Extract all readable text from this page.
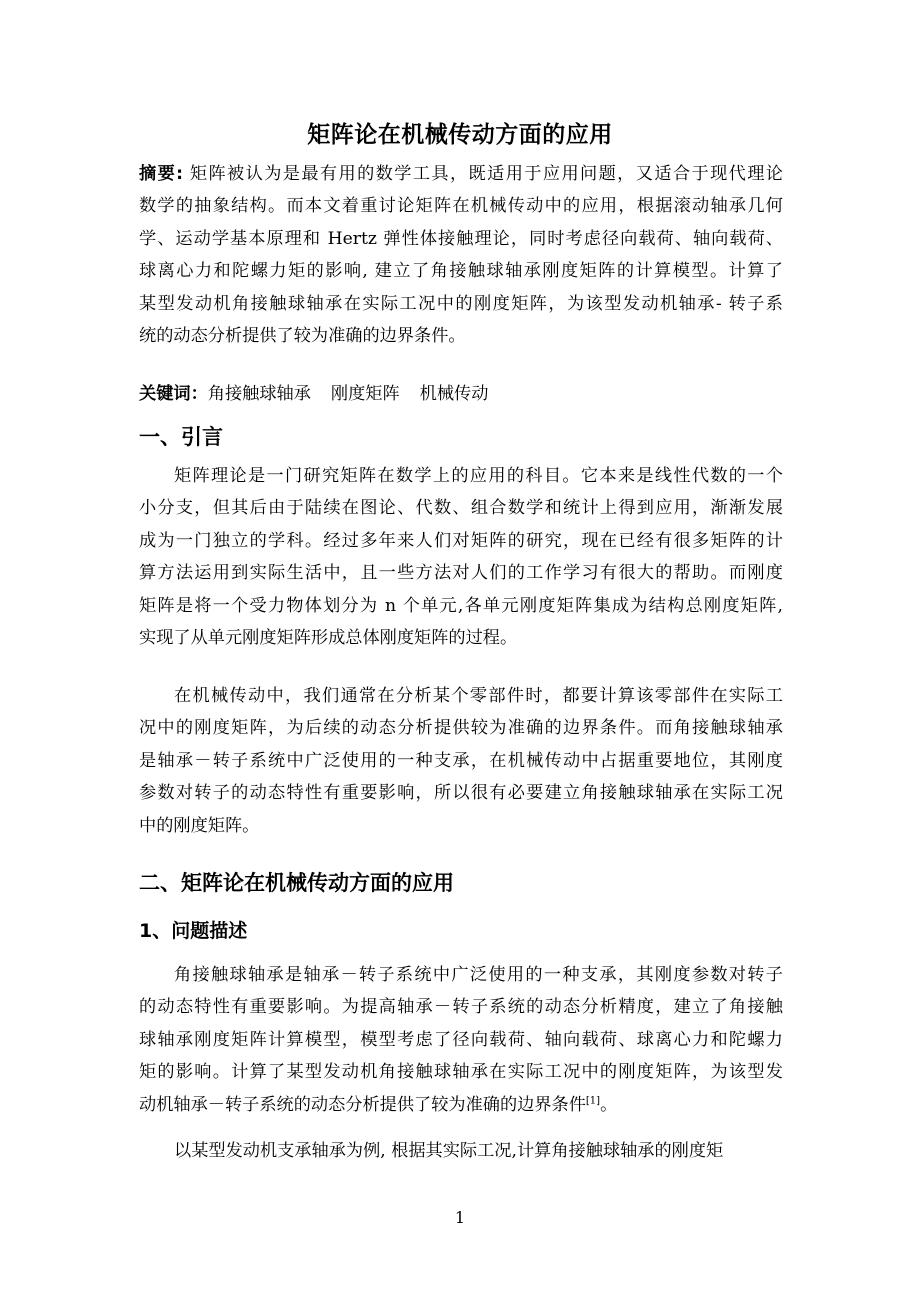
矩阵论在机械传动方面的应用
摘要: 矩阵被认为是最有用的数学工具，既适用于应用问题，又适合于现代理论
数学的抽象结构。而本文着重讨论矩阵在机械传动中的应用，根据滚动轴承几何
学、运动学基本原理和 Hertz 弹性体接触理论，同时考虑径向载荷、轴向载荷、
球离心力和陀螺力矩的影响, 建立了角接触球轴承刚度矩阵的计算模型。计算了
某型发动机角接触球轴承在实际工况中的刚度矩阵，为该型发动机轴承- 转子系
统的动态分析提供了较为准确的边界条件。
关键词：角接触球轴承 刚度矩阵 机械传动
一、引言
矩阵理论是一门研究矩阵在数学上的应用的科目。它本来是线性代数的一个
小分支，但其后由于陆续在图论、代数、组合数学和统计上得到应用，渐渐发展
成为一门独立的学科。经过多年来人们对矩阵的研究，现在已经有很多矩阵的计
算方法运用到实际生活中，且一些方法对人们的工作学习有很大的帮助。而刚度
矩阵是将一个受力物体划分为 n 个单元,各单元刚度矩阵集成为结构总刚度矩阵,
实现了从单元刚度矩阵形成总体刚度矩阵的过程。
在机械传动中，我们通常在分析某个零部件时，都要计算该零部件在实际工
况中的刚度矩阵，为后续的动态分析提供较为准确的边界条件。而角接触球轴承
是轴承－转子系统中广泛使用的一种支承，在机械传动中占据重要地位，其刚度
参数对转子的动态特性有重要影响，所以很有必要建立角接触球轴承在实际工况
中的刚度矩阵。
二、矩阵论在机械传动方面的应用
1、问题描述
角接触球轴承是轴承－转子系统中广泛使用的一种支承，其刚度参数对转子
的动态特性有重要影响。为提高轴承－转子系统的动态分析精度，建立了角接触
球轴承刚度矩阵计算模型，模型考虑了径向载荷、轴向载荷、球离心力和陀螺力
矩的影响。计算了某型发动机角接触球轴承在实际工况中的刚度矩阵，为该型发
动机轴承－转子系统的动态分析提供了较为准确的边界条件[1]。
以某型发动机支承轴承为例, 根据其实际工况,计算角接触球轴承的刚度矩
1
